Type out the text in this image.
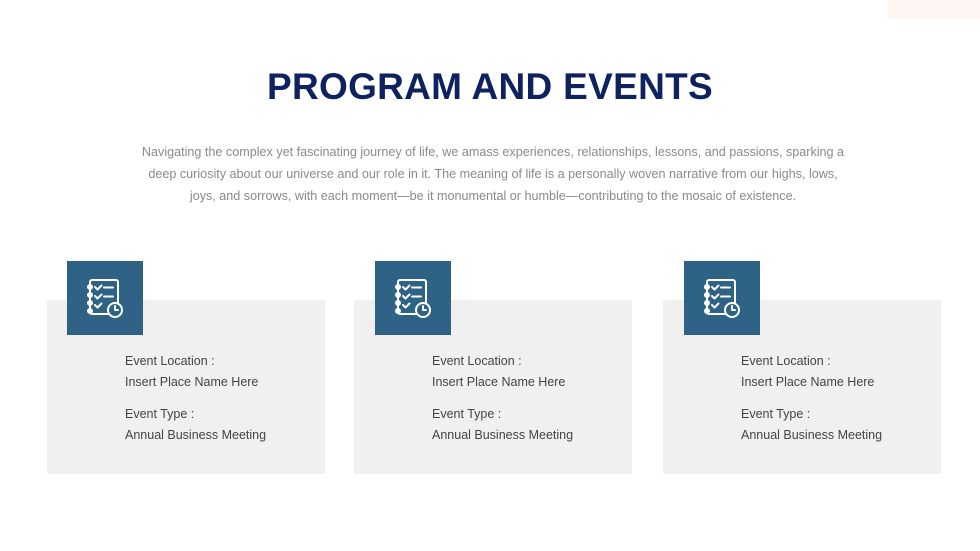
PROGRAM AND EVENTS

Navigating the complex yet fascinating journey of life, we amass experiences, relationships, lessons, and passions, sparking a deep curiosity about our universe and our role in it. The meaning of life is a personally woven narrative from our highs, lows, joys, and sorrows, with each moment—be it monumental or humble—contributing to the mosaic of existence.

Event Location :
Insert Place Name Here
Event Type :
Annual Business Meeting
Event Location :
Insert Place Name Here
Event Type :
Annual Business Meeting
Event Location :
Insert Place Name Here
Event Type :
Annual Business Meeting
